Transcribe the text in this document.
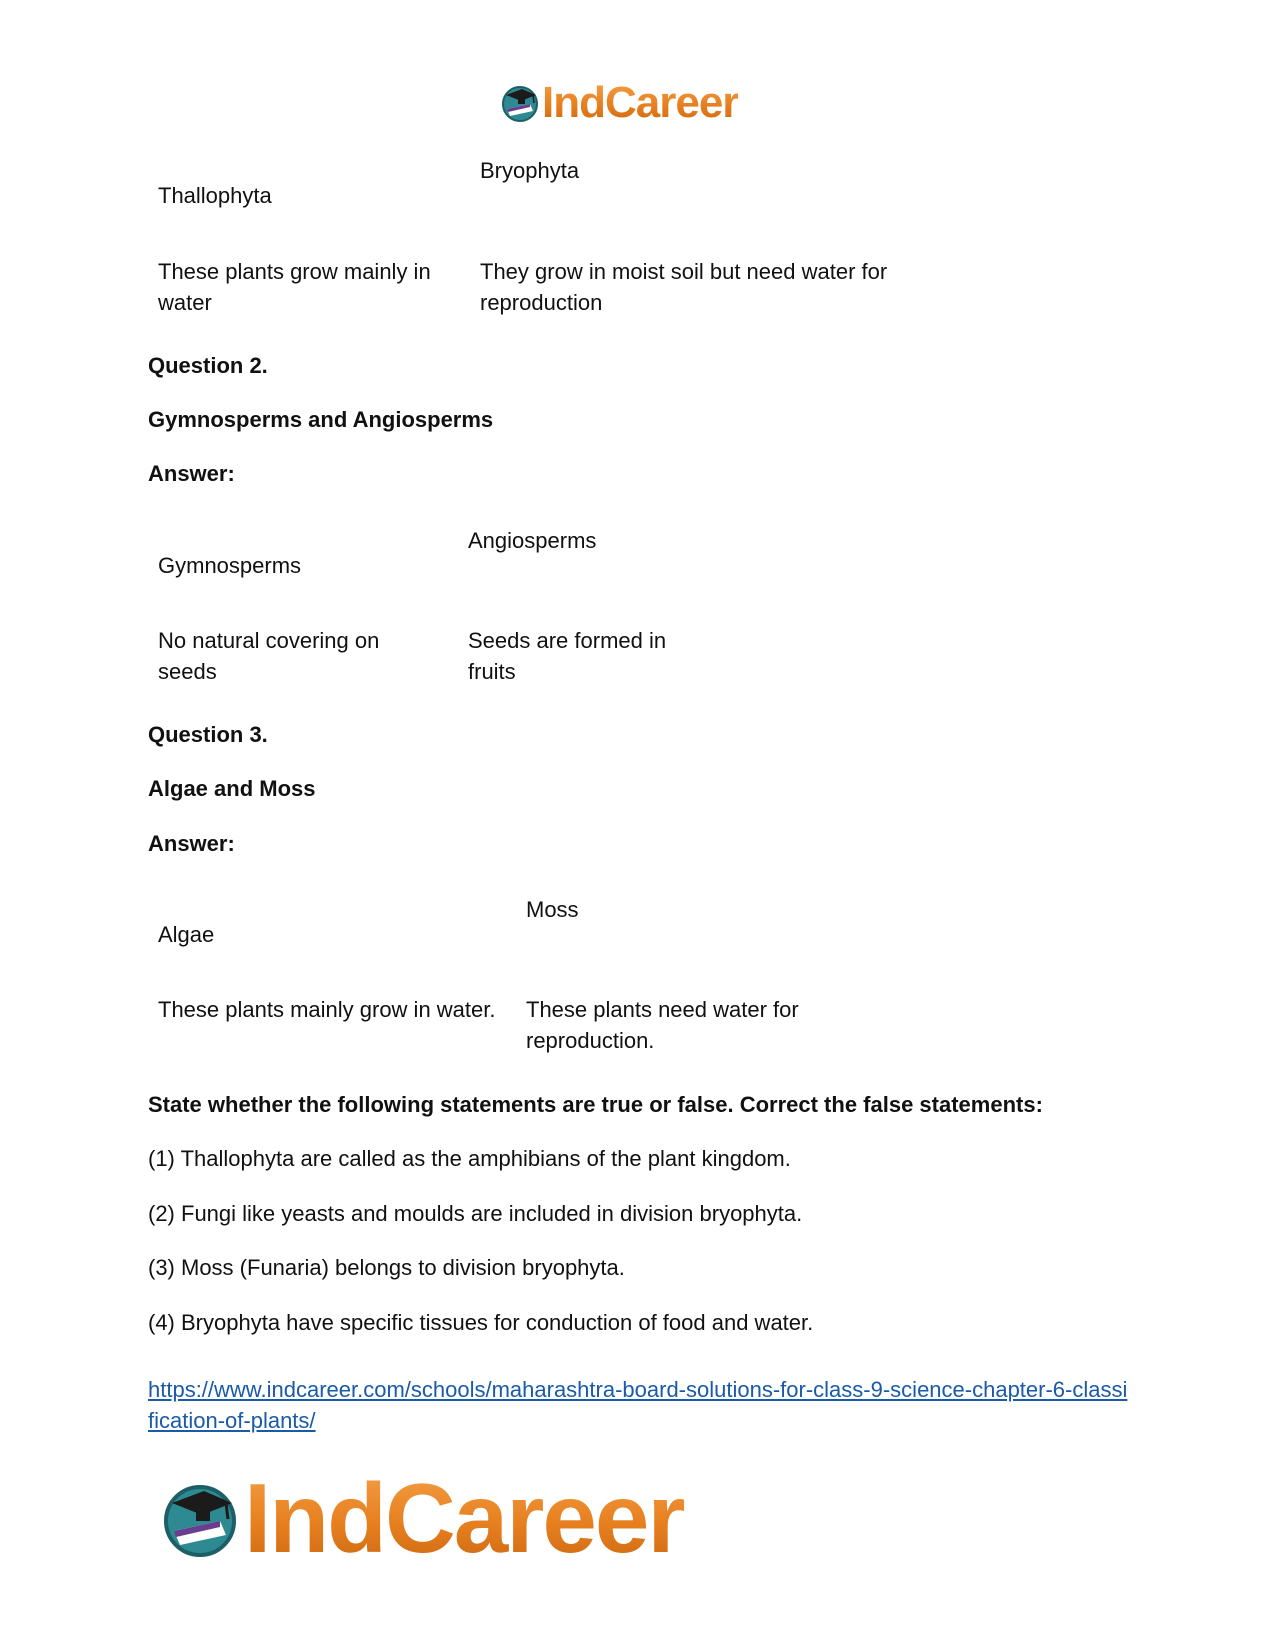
IndCareer

Bryophyta

Thallophyta

These plants grow mainly in water

They grow in moist soil but need water for reproduction

Question 2.

Gymnosperms and Angiosperms

Answer:

Angiosperms

Gymnosperms

No natural covering on seeds

Seeds are formed in fruits

Question 3.

Algae and Moss

Answer:

Moss

Algae

These plants mainly grow in water. These plants need water for reproduction.

State whether the following statements are true or false. Correct the false statements:

(1) Thallophyta are called as the amphibians of the plant kingdom.

(2) Fungi like yeasts and moulds are included in division bryophyta.

(3) Moss (Funaria) belongs to division bryophyta.

(4) Bryophyta have specific tissues for conduction of food and water.

https://www.indcareer.com/schools/maharashtra-board-solutions-for-class-9-science-chapter-6-classification-of-plants/
IndCareer
